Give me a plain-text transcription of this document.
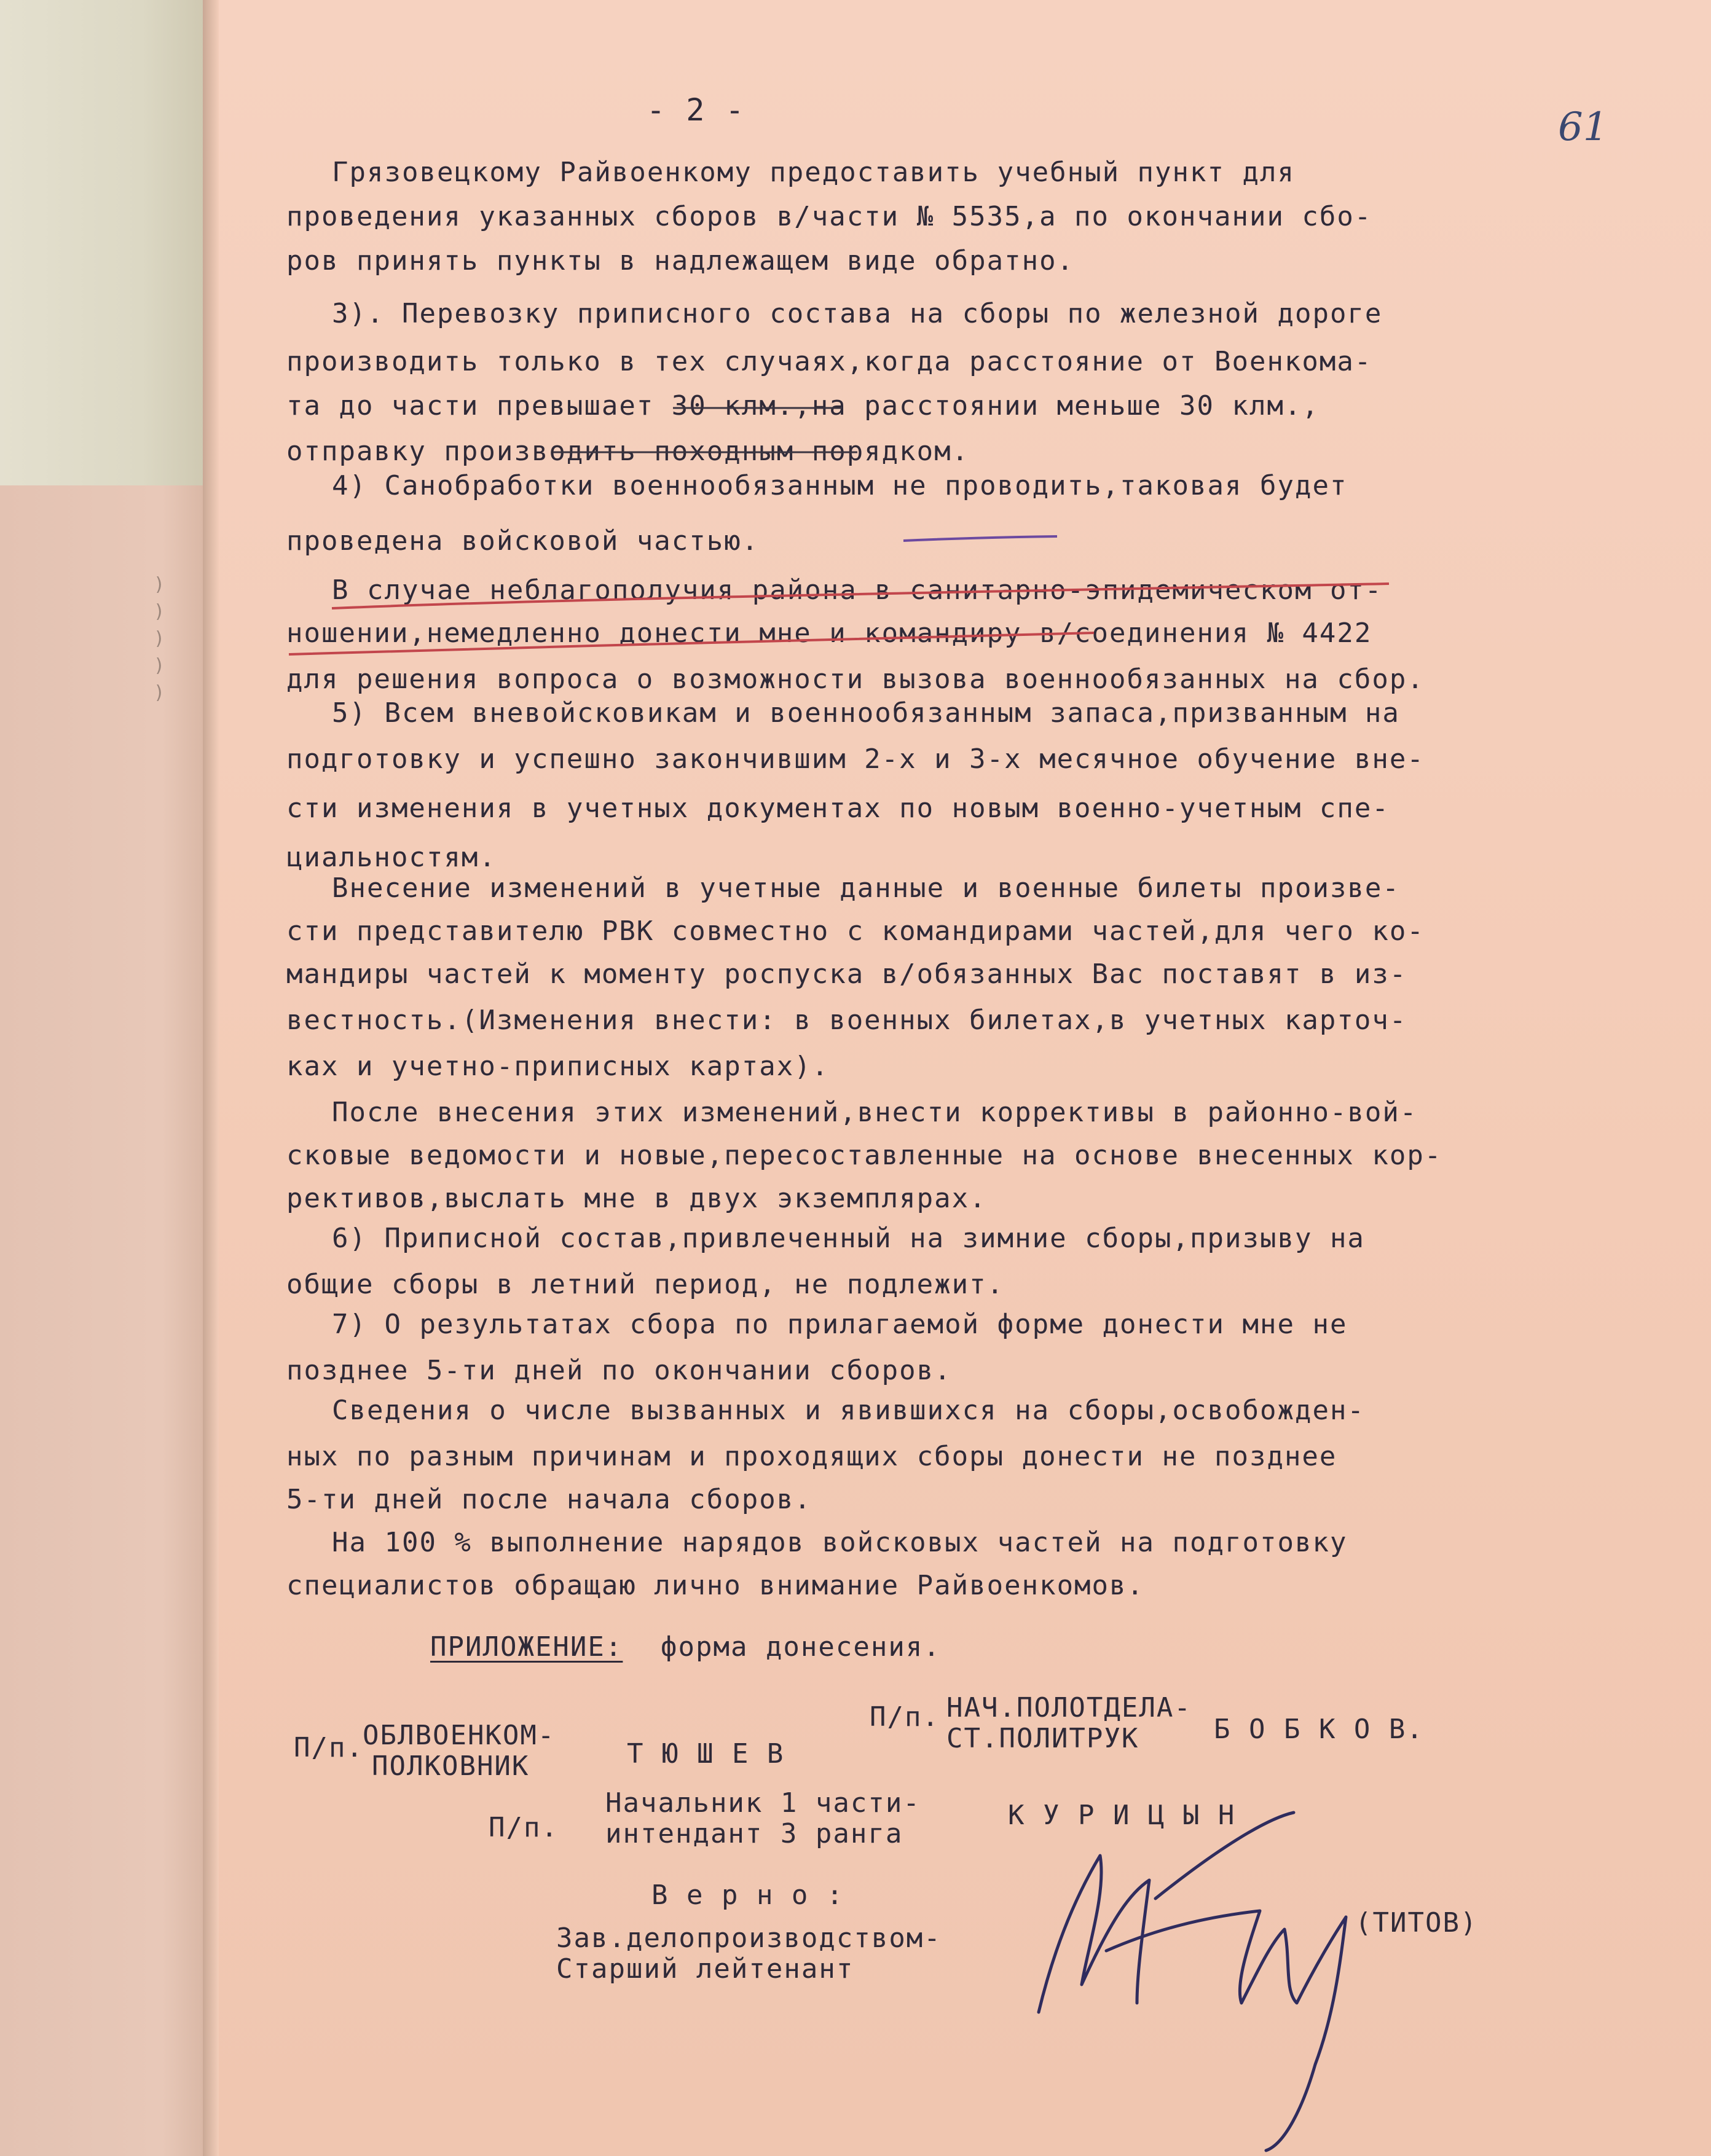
)
)
)
)
)
- 2 -	61
Грязовецкому Райвоенкому предоставить учебный пункт для
проведения указанных сборов в/части № 5535,а по окончании сбо-
ров принять пункты в надлежащем виде обратно.
3). Перевозку приписного состава на сборы по железной дороге
производить только в тех случаях,когда расстояние от Военкома-
та до части превышает 30 клм.,на расстоянии меньше 30 клм.,
отправку производить походным порядком.
4) Санобработки военнообязанным не проводить,таковая будет
проведена войсковой частью.
В случае неблагополучия района в санитарно-эпидемическом от-
ношении,немедленно донести мне и командиру в/соединения № 4422
для решения вопроса о возможности вызова военнообязанных на сбор.
5) Всем вневойсковикам и военнообязанным запаса,призванным на
подготовку и успешно закончившим 2-х и 3-х месячное обучение вне-
сти изменения в учетных документах по новым военно-учетным спе-
циальностям.
Внесение изменений в учетные данные и военные билеты произве-
сти представителю РВК совместно с командирами частей,для чего ко-
мандиры частей к моменту роспуска в/обязанных Вас поставят в из-
вестность.(Изменения внести: в военных билетах,в учетных карточ-
ках и учетно-приписных картах).
После внесения этих изменений,внести коррективы в районно-вой-
сковые ведомости и новые,пересоставленные на основе внесенных кор-
рективов,выслать мне в двух экземплярах.
6) Приписной состав,привлеченный на зимние сборы,призыву на
общие сборы в летний период, не подлежит.
7) О результатах сбора по прилагаемой форме донести мне не
позднее 5-ти дней по окончании сборов.
Сведения о числе вызванных и явившихся на сборы,освобожден-
ных по разным причинам и проходящих сборы донести не позднее
5-ти дней после начала сборов.
На 100 % выполнение нарядов войсковых частей на подготовку
специалистов обращаю лично внимание Райвоенкомов.
ПРИЛОЖЕНИЕ: форма донесения.
П/п.
ОБЛВОЕНКОМ-
ПОЛКОВНИК	Т Ю Ш Е В
П/п. НАЧ.ПОЛОТДЕЛА-
СТ.ПОЛИТРУК	Б О Б К О В.
П/п.
Начальник 1 части-
интендант 3 ранга
К У Р И Ц Ы Н
В е р н о :
Зав.делопроизводством-
Старший лейтенант
(ТИТОВ)
